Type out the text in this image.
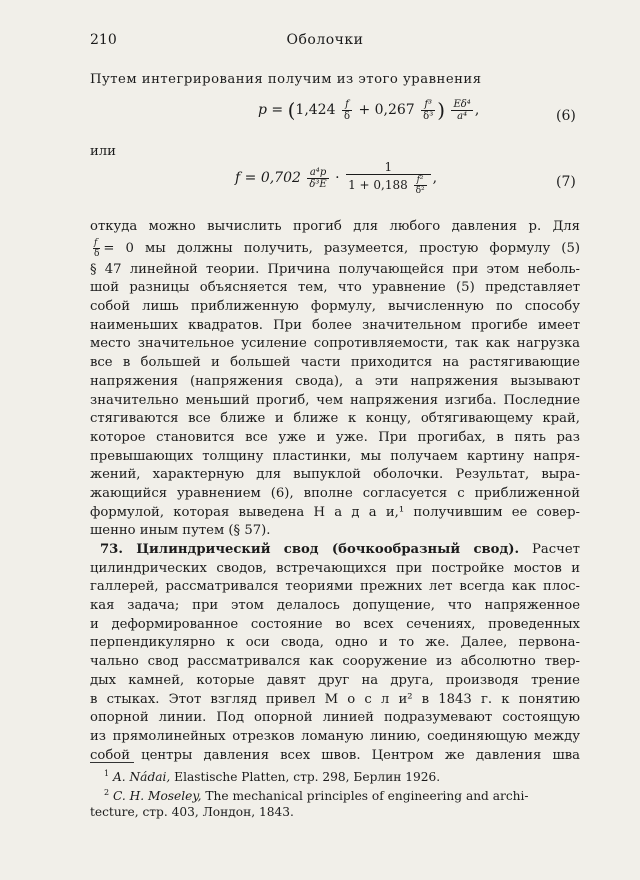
210	Оболочки
Путем интегрирования получим из этого уравнения
$p = (1,424 \frac{f}{\delta} + 0,267 \frac{\text{f³}}{\text{δ³}}$ ) $\frac{\text{Eδ⁴}}{\text{a⁴}}$ ,	(6)
или
$f = 0,702 \frac{\text{a⁴p}}{\text{δ³E}} \cdot \frac{1}{1 + 0,188 \frac{\text{f²}}{\text{δ²}}}$ ,	(7)
откуда можно вычислить прогиб для любого давления p. Для
$\frac{f}{\delta} = 0$ мы должны получить, разумеется, простую формулу (5)
§ 47 линейной теории. Причина получающейся при этом неболь-
шой разницы объясняется тем, что уравнение (5) представляет
собой лишь приближенную формулу, вычисленную по способу
наименьших квадратов. При более значительном прогибе имеет
место значительное усиление сопротивляемости, так как нагрузка
все в большей и большей части приходится на растягивающие
напряжения (напряжения свода), а эти напряжения вызывают
значительно меньший прогиб, чем напряжения изгиба. Последние
стягиваются все ближе и ближе к концу, обтягивающему край,
которое становится все уже и уже. При прогибах, в пять раз
превышающих толщину пластинки, мы получаем картину напря-
жений, характерную для выпуклой оболочки. Результат, выра-
жающийся уравнением (6), вполне согласуется с приближенной
формулой, которая выведена Н а д а и,¹ получившим ее совер-
шенно иным путем (§ 57).
73. Цилиндрический свод (бочкообразный свод). Расчет
цилиндрических сводов, встречающихся при постройке мостов и
галлерей, рассматривался теориями прежних лет всегда как плос-
кая задача; при этом делалось допущение, что напряженное
и деформированное состояние во всех сечениях, проведенных
перпендикулярно к оси свода, одно и то же. Далее, первона-
чально свод рассматривался как сооружение из абсолютно твер-
дых камней, которые давят друг на друга, производя трение
в стыках. Этот взгляд привел М о с л и² в 1843 г. к понятию
опорной линии. Под опорной линией подразумевают состоящую
из прямолинейных отрезков ломаную линию, соединяющую между
собой центры давления всех швов. Центром же давления шва
$^1$ A. Nádai, Elastische Platten, стр. 298, Берлин 1926.
$^2$ C. H. Moseley, The mechanical principles of engineering and archi-
tecture, стр. 403, Лондон, 1843.
